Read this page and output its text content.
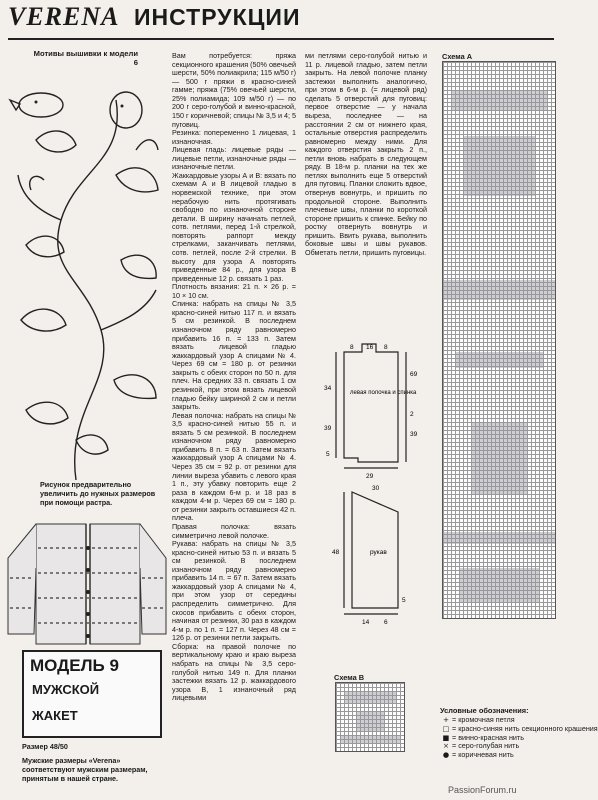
VERENA ИНСТРУКЦИИ
Мотивы вышивки к модели 6
Рисунок предварительно увеличить до нужных размеров при помощи растра.
МОДЕЛЬ 9
МУЖСКОЙ
ЖАКЕТ
Размер 48/50
Мужские размеры «Verena» соответствуют мужским размерам, принятым в нашей стране.

Вам потребуется: пряжа секционного крашения (50% овечьей шерсти, 50% полиакрила; 115 м/50 г) — 500 г пряжи в красно-синей гамме; пряжа (75% овечьей шерсти, 25% полиамида; 109 м/50 г) — по 200 г серо-голубой и винно-красной, 150 г коричневой; спицы № 3,5 и 4; 5 пуговиц.

Резинка: попеременно 1 лицевая, 1 изнаночная.

Лицевая гладь: лицевые ряды — лицевые петли, изнаночные ряды — изнаночные петли.

Жаккардовые узоры А и В: вязать по схемам А и В лицевой гладью в норвежской технике, при этом нерабочую нить протягивать свободно по изнаночной стороне детали. В ширину начинать петлей, сотв. петлями, перед 1-й стрелкой, повторять раппорт между стрелками, заканчивать петлями, сотв. петлей, после 2-й стрелки. В высоту для узора А повторять приведенные 84 р., для узора В приведенные 12 р. связать 1 раз.

Плотность вязания: 21 п. × 26 р. = 10 × 10 см.

Спинка: набрать на спицы № 3,5 красно-синей нитью 117 п. и вязать 5 см резинкой. В последнем изнаночном ряду равномерно прибавить 16 п. = 133 п. Затем вязать лицевой гладью жаккардовый узор А спицами № 4. Через 69 см = 180 р. от резинки закрыть с обеих сторон по 50 п. для плеч. На средних 33 п. связать 1 см резинкой, при этом вязать лицевой гладью бейку шириной 2 см и петли закрыть.

Левая полочка: набрать на спицы № 3,5 красно-синей нитью 55 п. и вязать 5 см резинкой. В последнем изнаночном ряду равномерно прибавить 8 п. = 63 п. Затем вязать жаккардовый узор А спицами № 4. Через 35 см = 92 р. от резинки для линии выреза убавить с левого края 1 п., эту убавку повторить еще 2 раза в каждом 6-м р. и 18 раз в каждом 4-м р. Через 69 см = 180 р. от резинки закрыть оставшиеся 42 п. плеча.

Правая полочка: вязать симметрично левой полочке.

Рукава: набрать на спицы № 3,5 красно-синей нитью 53 п. и вязать 5 см резинкой. В последнем изнаночном ряду равномерно прибавить 14 п. = 67 п. Затем вязать жаккардовый узор А спицами № 4, при этом узор от середины распределить симметрично. Для скосов прибавить с обеих сторон, начиная от резинки, 30 раз в каждом 4-м р. по 1 п. = 127 п. Через 48 см = 126 р. от резинки петли закрыть.

Сборка: на правой полочке по вертикальному краю и краю выреза набрать на спицы № 3,5 серо-голубой нитью 149 п. Для планки застежки вязать 12 р. жаккардового узора В, 1 изнаночный ряд лицевыми

ми петлями серо-голубой нитью и 11 р. лицевой гладью, затем петли закрыть. На левой полочке планку застежки выполнить аналогично, при этом в 6-м р. (= лицевой ряд) сделать 5 отверстий для пуговиц: первое отверстие — у начала выреза, последнее — на расстоянии 2 см от нижнего края, остальные отверстия распределить равномерно между ними. Для каждого отверстия закрыть 2 п., петли вновь набрать в следующем ряду. В 18-м р. планки на тех же петлях выполнить еще 5 отверстий для пуговиц. Планки сложить вдвое, отвернув вовнутрь, и пришить по продольной стороне. Выполнить плечевые швы, планки по короткой стороне пришить к спинке. Бейку по ростку отвернуть вовнутрь и пришить. Ввить рукава, выполнить боковые швы и швы рукавов. Обметать петли, пришить пуговицы.

8 16 8
34
39
5
69
2
39
29
левая полочка и спинка
рукав
48
5
14 6
30
Схема А
Схема В
Условные обозначения:
+ = кромочная петля
□ = красно-синяя нить секционного крашения
■ = винно-красная нить
× = серо-голубая нить
● = коричневая нить
PassionForum.ru
